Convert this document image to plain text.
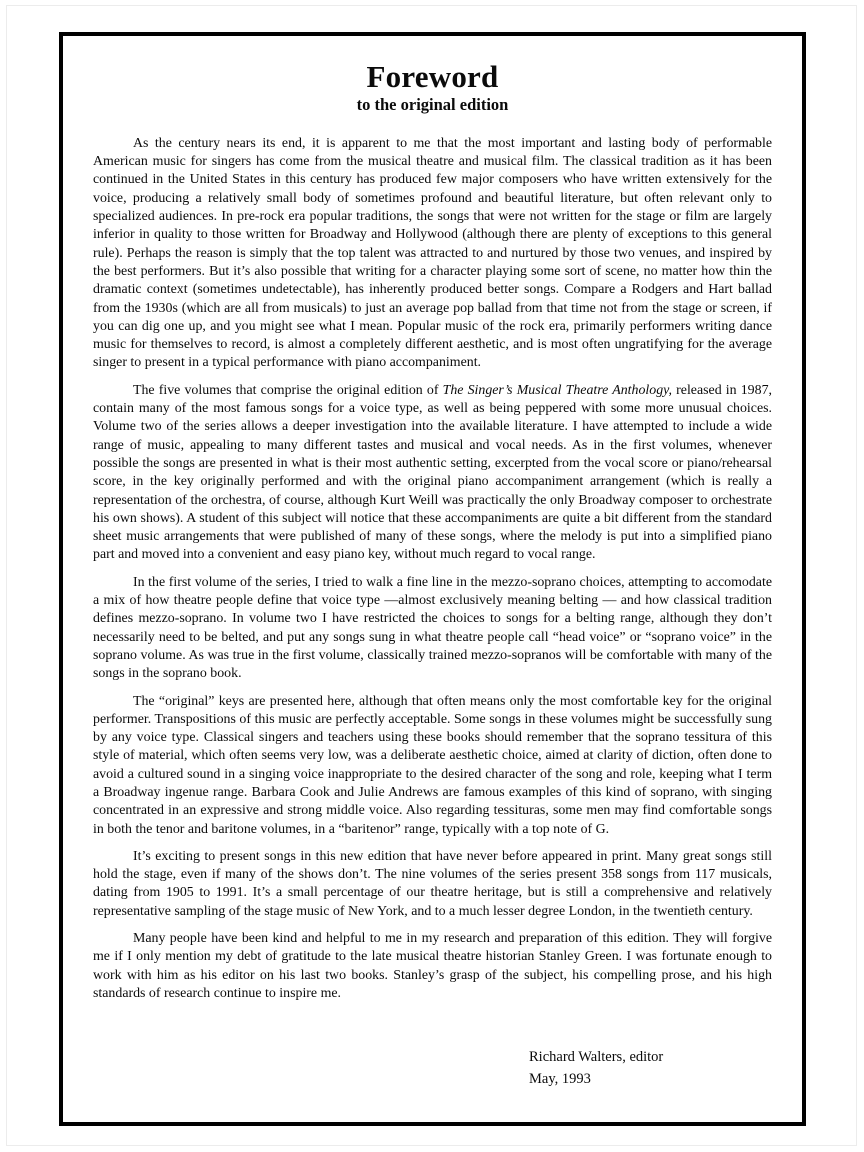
Foreword
to the original edition

As the century nears its end, it is apparent to me that the most important and lasting body of performable American music for singers has come from the musical theatre and musical film. The classical tradition as it has been continued in the United States in this century has produced few major composers who have written extensively for the voice, producing a relatively small body of sometimes profound and beautiful literature, but often relevant only to specialized audiences. In pre-rock era popular traditions, the songs that were not written for the stage or film are largely inferior in quality to those written for Broadway and Hollywood (although there are plenty of exceptions to this general rule). Perhaps the reason is simply that the top talent was attracted to and nurtured by those two venues, and inspired by the best performers. But it’s also possible that writing for a character playing some sort of scene, no matter how thin the dramatic context (sometimes undetectable), has inherently produced better songs. Compare a Rodgers and Hart ballad from the 1930s (which are all from musicals) to just an average pop ballad from that time not from the stage or screen, if you can dig one up, and you might see what I mean. Popular music of the rock era, primarily performers writing dance music for themselves to record, is almost a completely different aesthetic, and is most often ungratifying for the average singer to present in a typical performance with piano accompaniment.

The five volumes that comprise the original edition of The Singer’s Musical Theatre Anthology, released in 1987, contain many of the most famous songs for a voice type, as well as being peppered with some more unusual choices. Volume two of the series allows a deeper investigation into the available literature. I have attempted to include a wide range of music, appealing to many different tastes and musical and vocal needs. As in the first volumes, whenever possible the songs are presented in what is their most authentic setting, excerpted from the vocal score or piano/rehearsal score, in the key originally performed and with the original piano accompaniment arrangement (which is really a representation of the orchestra, of course, although Kurt Weill was practically the only Broadway composer to orchestrate his own shows). A student of this subject will notice that these accompaniments are quite a bit different from the standard sheet music arrangements that were published of many of these songs, where the melody is put into a simplified piano part and moved into a convenient and easy piano key, without much regard to vocal range.

In the first volume of the series, I tried to walk a fine line in the mezzo-soprano choices, attempting to accomodate a mix of how theatre people define that voice type —almost exclusively meaning belting — and how classical tradition defines mezzo-soprano. In volume two I have restricted the choices to songs for a belting range, although they don’t necessarily need to be belted, and put any songs sung in what theatre people call “head voice” or “soprano voice” in the soprano volume. As was true in the first volume, classically trained mezzo-sopranos will be comfortable with many of the songs in the soprano book.

The “original” keys are presented here, although that often means only the most comfortable key for the original performer. Transpositions of this music are perfectly acceptable. Some songs in these volumes might be successfully sung by any voice type. Classical singers and teachers using these books should remember that the soprano tessitura of this style of material, which often seems very low, was a deliberate aesthetic choice, aimed at clarity of diction, often done to avoid a cultured sound in a singing voice inappropriate to the desired character of the song and role, keeping what I term a Broadway ingenue range. Barbara Cook and Julie Andrews are famous examples of this kind of soprano, with singing concentrated in an expressive and strong middle voice. Also regarding tessituras, some men may find comfortable songs in both the tenor and baritone volumes, in a “baritenor” range, typically with a top note of G.

It’s exciting to present songs in this new edition that have never before appeared in print. Many great songs still hold the stage, even if many of the shows don’t. The nine volumes of the series present 358 songs from 117 musicals, dating from 1905 to 1991. It’s a small percentage of our theatre heritage, but is still a comprehensive and relatively representative sampling of the stage music of New York, and to a much lesser degree London, in the twentieth century.

Many people have been kind and helpful to me in my research and preparation of this edition. They will forgive me if I only mention my debt of gratitude to the late musical theatre historian Stanley Green. I was fortunate enough to work with him as his editor on his last two books. Stanley’s grasp of the subject, his compelling prose, and his high standards of research continue to inspire me.

Richard Walters, editor
May, 1993
